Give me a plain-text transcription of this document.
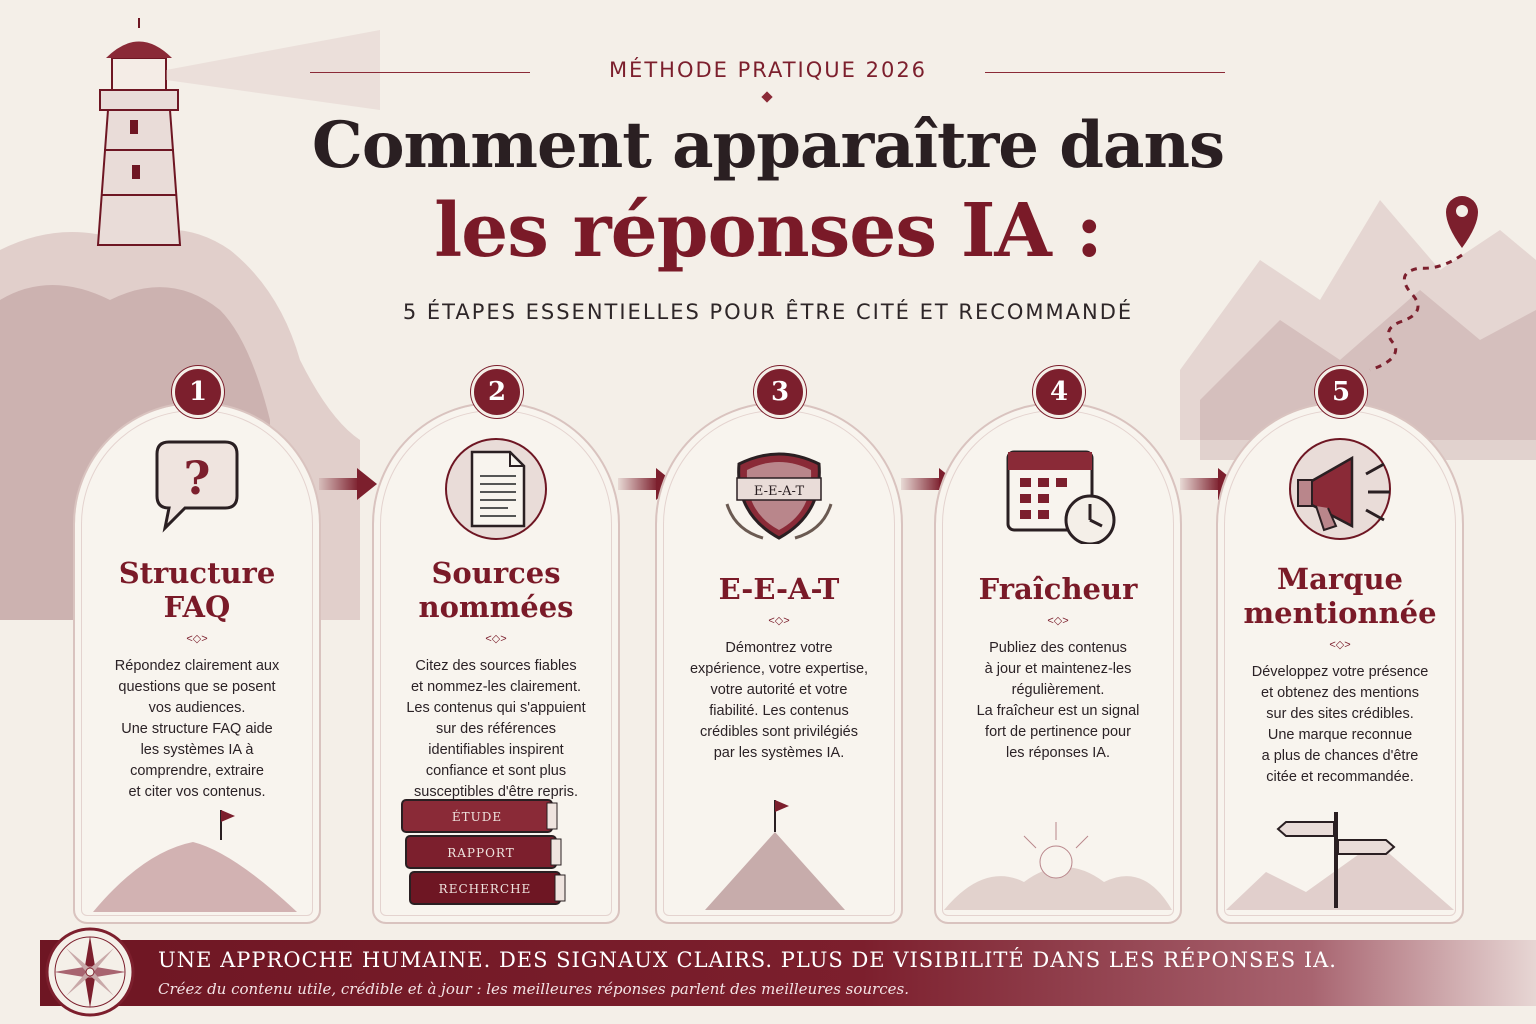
MÉTHODE PRATIQUE 2026
Comment apparaître dans
les réponses IA :
5 ÉTAPES ESSENTIELLES POUR ÊTRE CITÉ ET RECOMMANDÉ
?
Structure
FAQ
<◇>
Répondez clairement aux
questions que se posent
vos audiences.
Une structure FAQ aide
les systèmes IA à
comprendre, extraire
et citer vos contenus.
1
Sources
nommées
<◇>
Citez des sources fiables
et nommez-les clairement.
Les contenus qui s'appuient
sur des références
identifiables inspirent
confiance et sont plus
susceptibles d'être repris.
ÉTUDE
RAPPORT
RECHERCHE
2
E-E-A-T
E-E-A-T
<◇>
Démontrez votre
expérience, votre expertise,
votre autorité et votre
fiabilité. Les contenus
crédibles sont privilégiés
par les systèmes IA.
3
Fraîcheur
<◇>
Publiez des contenus
à jour et maintenez-les
régulièrement.
La fraîcheur est un signal
fort de pertinence pour
les réponses IA.
4
Marque
mentionnée
<◇>
Développez votre présence
et obtenez des mentions
sur des sites crédibles.
Une marque reconnue
a plus de chances d'être
citée et recommandée.
5
UNE APPROCHE HUMAINE. DES SIGNAUX CLAIRS. PLUS DE VISIBILITÉ DANS LES RÉPONSES IA.
Créez du contenu utile, crédible et à jour : les meilleures réponses parlent des meilleures sources.
